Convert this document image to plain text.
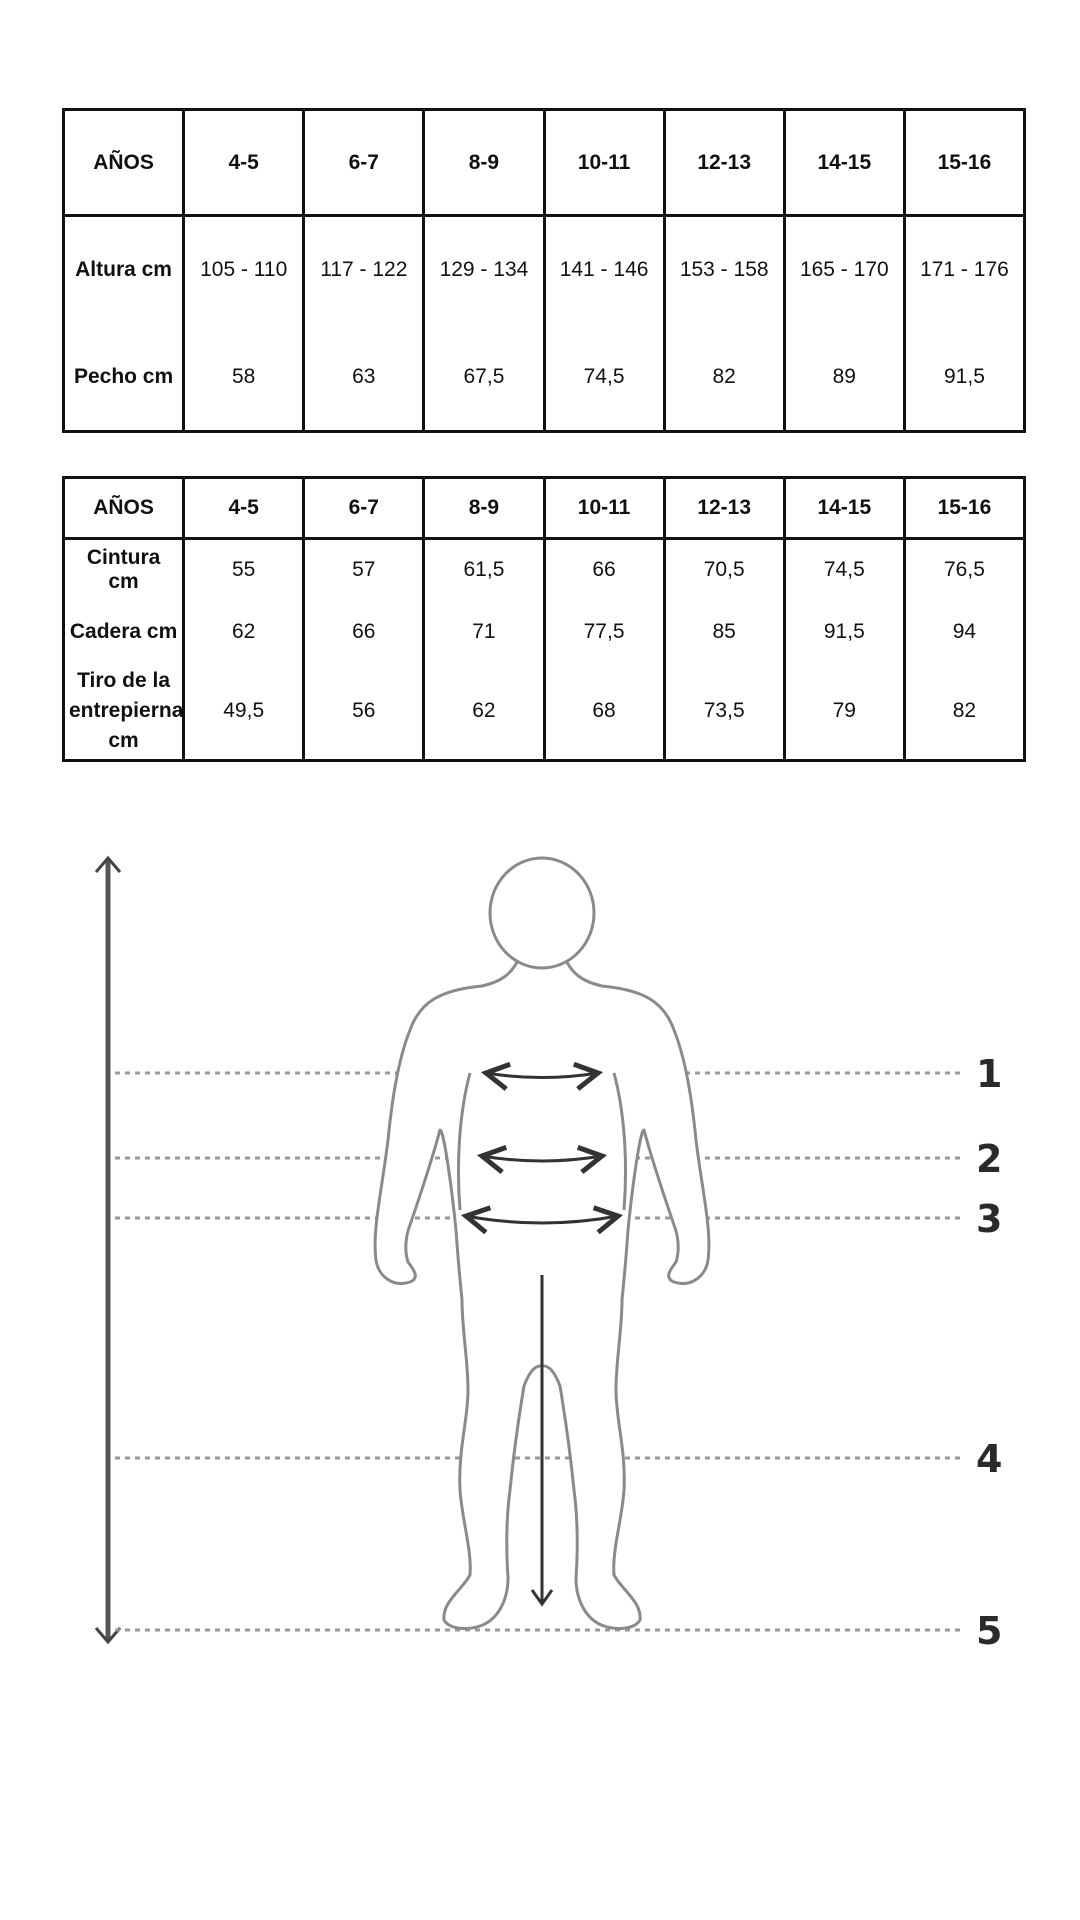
AÑOS	4-5	6-7	8-9	10-11	12-13	14-15	15-16
Altura cm	105 - 110	117 - 122	129 - 134	141 - 146	153 - 158	165 - 170	171 - 176
Pecho cm	58	63	67,5	74,5	82	89	91,5
AÑOS	4-5	6-7	8-9	10-11	12-13	14-15	15-16
Cintura cm	55	57	61,5	66	70,5	74,5	76,5
Cadera cm	62	66	71	77,5	85	91,5	94
Tiro de la
entrepierna
cm	49,5	56	62	68	73,5	79	82
1
2
3
4
5
